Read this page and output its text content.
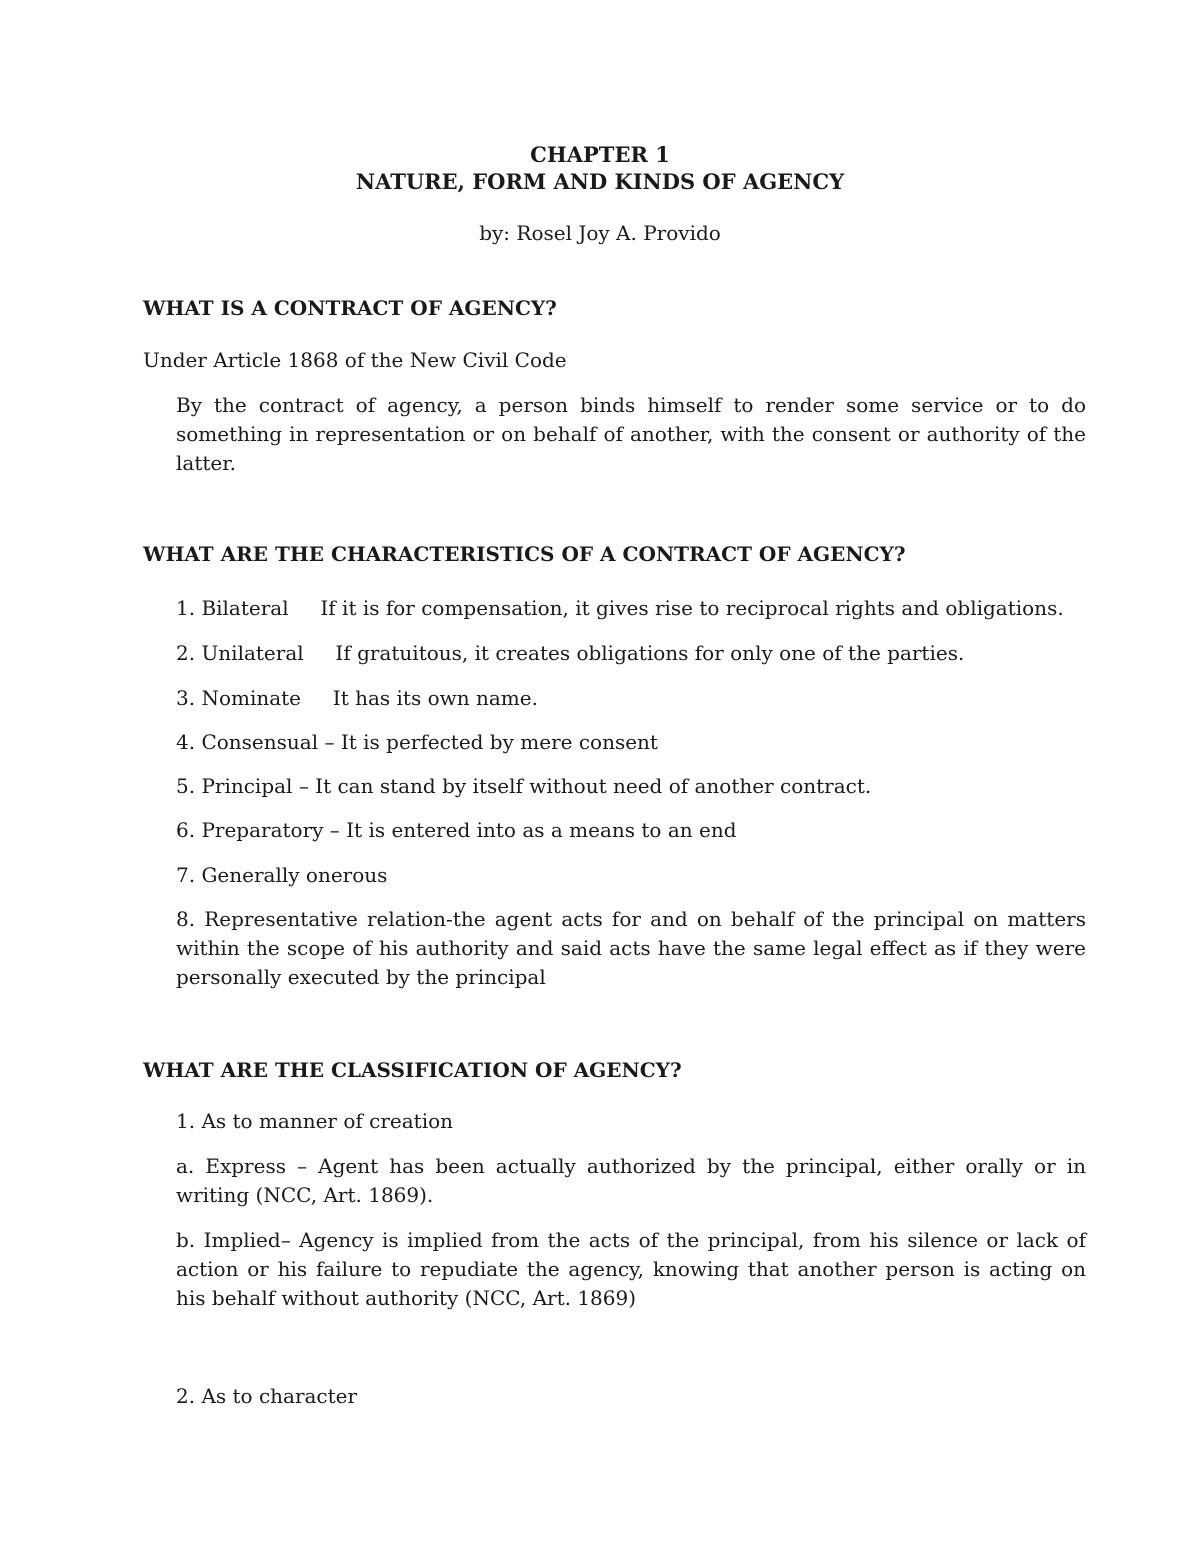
CHAPTER 1
NATURE, FORM AND KINDS OF AGENCY
by: Rosel Joy A. Provido
WHAT IS A CONTRACT OF AGENCY?
Under Article 1868 of the New Civil Code
By the contract of agency, a person binds himself to render some service or to do something in representation or on behalf of another, with the consent or authority of the latter.
WHAT ARE THE CHARACTERISTICS OF A CONTRACT OF AGENCY?
1. Bilateral     If it is for compensation, it gives rise to reciprocal rights and obligations.
2. Unilateral     If gratuitous, it creates obligations for only one of the parties.
3. Nominate     It has its own name.
4. Consensual – It is perfected by mere consent
5. Principal – It can stand by itself without need of another contract.
6. Preparatory – It is entered into as a means to an end
7. Generally onerous
8. Representative relation-the agent acts for and on behalf of the principal on matters within the scope of his authority and said acts have the same legal effect as if they were personally executed by the principal
WHAT ARE THE CLASSIFICATION OF AGENCY?
1. As to manner of creation
a. Express – Agent has been actually authorized by the principal, either orally or in writing (NCC, Art. 1869).
b. Implied– Agency is implied from the acts of the principal, from his silence or lack of action or his failure to repudiate the agency, knowing that another person is acting on his behalf without authority (NCC, Art. 1869)
2. As to character
